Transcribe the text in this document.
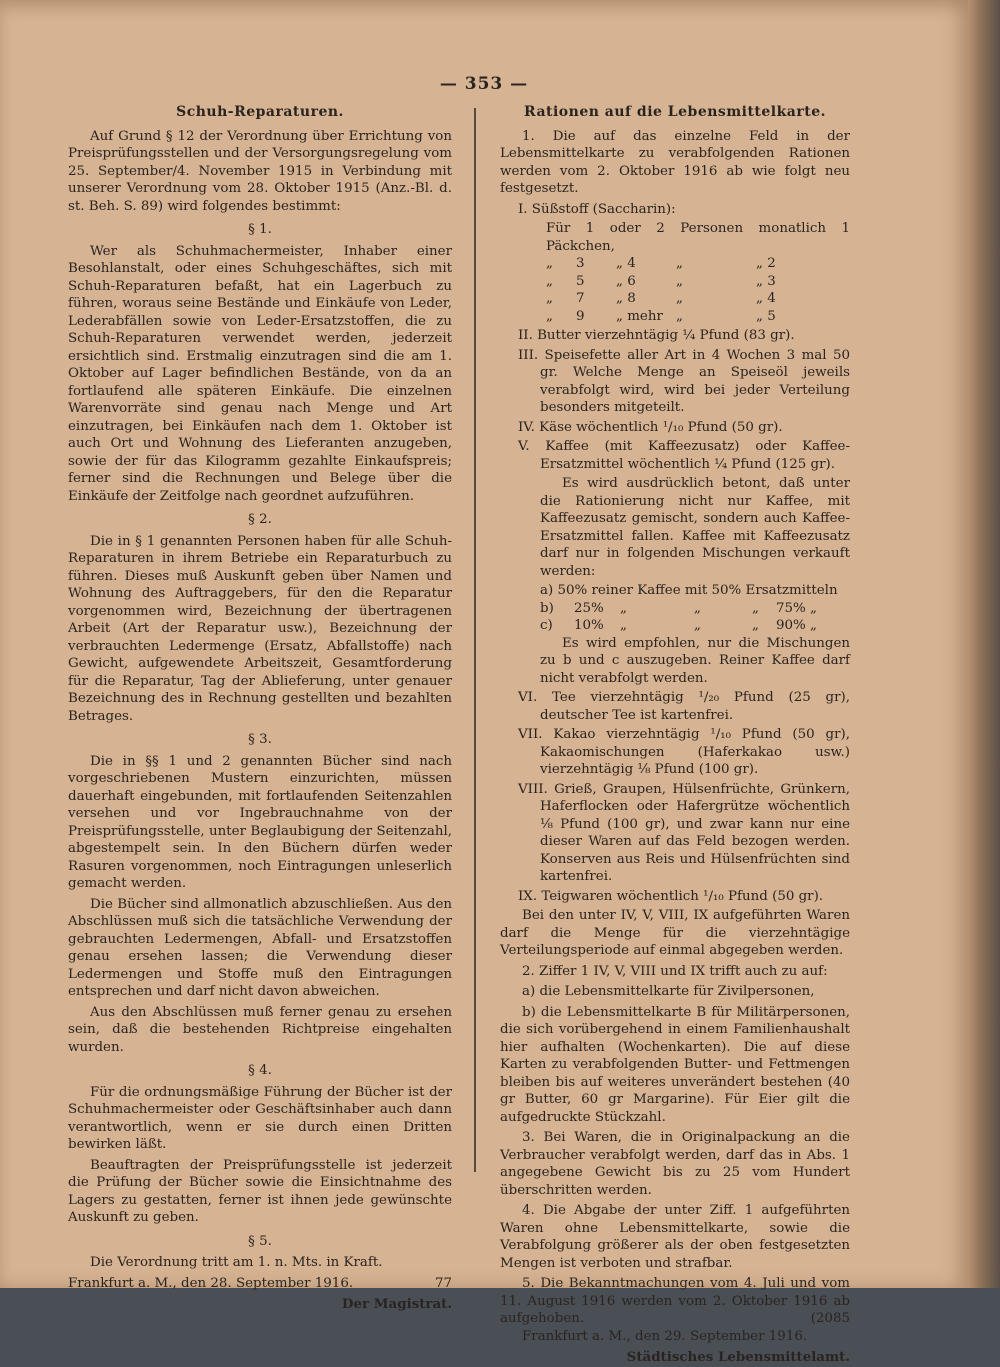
— 353 —
Schuh-Reparaturen.

Auf Grund § 12 der Verordnung über Errichtung von Preisprüfungsstellen und der Versorgungsregelung vom 25. September/4. November 1915 in Verbindung mit unserer Verordnung vom 28. Oktober 1915 (Anz.-Bl. d. st. Beh. S. 89) wird folgendes bestimmt:

§ 1.

Wer als Schuhmachermeister, Inhaber einer Besohlanstalt, oder eines Schuhgeschäftes, sich mit Schuh-Reparaturen befaßt, hat ein Lagerbuch zu führen, woraus seine Bestände und Einkäufe von Leder, Lederabfällen sowie von Leder-Ersatzstoffen, die zu Schuh-Reparaturen verwendet werden, jederzeit ersichtlich sind. Erstmalig einzutragen sind die am 1. Oktober auf Lager befindlichen Bestände, von da an fortlaufend alle späteren Einkäufe. Die einzelnen Warenvorräte sind genau nach Menge und Art einzutragen, bei Einkäufen nach dem 1. Oktober ist auch Ort und Wohnung des Lieferanten anzugeben, sowie der für das Kilogramm gezahlte Einkaufspreis; ferner sind die Rechnungen und Belege über die Einkäufe der Zeitfolge nach geordnet aufzuführen.

§ 2.

Die in § 1 genannten Personen haben für alle Schuh-Reparaturen in ihrem Betriebe ein Reparaturbuch zu führen. Dieses muß Auskunft geben über Namen und Wohnung des Auftraggebers, für den die Reparatur vorgenommen wird, Bezeichnung der übertragenen Arbeit (Art der Reparatur usw.), Bezeichnung der verbrauchten Ledermenge (Ersatz, Abfallstoffe) nach Gewicht, aufgewendete Arbeitszeit, Gesamtforderung für die Reparatur, Tag der Ablieferung, unter genauer Bezeichnung des in Rechnung gestellten und bezahlten Betrages.

§ 3.

Die in §§ 1 und 2 genannten Bücher sind nach vorgeschriebenen Mustern einzurichten, müssen dauerhaft eingebunden, mit fortlaufenden Seitenzahlen versehen und vor Ingebrauchnahme von der Preisprüfungsstelle, unter Beglaubigung der Seitenzahl, abgestempelt sein. In den Büchern dürfen weder Rasuren vorgenommen, noch Eintragungen unleserlich gemacht werden.

Die Bücher sind allmonatlich abzuschließen. Aus den Abschlüssen muß sich die tatsächliche Verwendung der gebrauchten Ledermengen, Abfall- und Ersatzstoffen genau ersehen lassen; die Verwendung dieser Ledermengen und Stoffe muß den Eintragungen entsprechen und darf nicht davon abweichen.

Aus den Abschlüssen muß ferner genau zu ersehen sein, daß die bestehenden Richtpreise eingehalten wurden.

§ 4.

Für die ordnungsmäßige Führung der Bücher ist der Schuhmachermeister oder Geschäftsinhaber auch dann verantwortlich, wenn er sie durch einen Dritten bewirken läßt.

Beauftragten der Preisprüfungsstelle ist jederzeit die Prüfung der Bücher sowie die Einsichtnahme des Lagers zu gestatten, ferner ist ihnen jede gewünschte Auskunft zu geben.

§ 5.

Die Verordnung tritt am 1. n. Mts. in Kraft.

Frankfurt a. M., den 28. September 1916.	77
Der Magistrat.
Rationen auf die Lebensmittelkarte.

1. Die auf das einzelne Feld in der Lebensmittelkarte zu verabfolgenden Rationen werden vom 2. Oktober 1916 ab wie folgt neu festgesetzt.

I. Süßstoff (Saccharin):
Für 1 oder 2 Personen monatlich 1 Päckchen,
„	3	„ 4	„	„ 2
„	5	„ 6	„	„ 3
„	7	„ 8	„	„ 4
„	9	„ mehr „	„ 5
II. Butter vierzehntägig ¼ Pfund (83 gr).
III. Speisefette aller Art in 4 Wochen 3 mal 50 gr. Welche Menge an Speiseöl jeweils verabfolgt wird, wird bei jeder Verteilung besonders mitgeteilt.
IV. Käse wöchentlich ¹/₁₀ Pfund (50 gr).
V. Kaffee (mit Kaffeezusatz) oder Kaffee-Ersatzmittel wöchentlich ¼ Pfund (125 gr).
Es wird ausdrücklich betont, daß unter die Rationierung nicht nur Kaffee, mit Kaffeezusatz gemischt, sondern auch Kaffee-Ersatzmittel fallen. Kaffee mit Kaffeezusatz darf nur in folgenden Mischungen verkauft werden:
a) 50% reiner Kaffee mit 50% Ersatzmitteln
b)	25%	„	„	„	75% „
c)	10%	„	„	„	90% „
Es wird empfohlen, nur die Mischungen zu b und c auszugeben. Reiner Kaffee darf nicht verabfolgt werden.
VI. Tee vierzehntägig ¹/₂₀ Pfund (25 gr), deutscher Tee ist kartenfrei.
VII. Kakao vierzehntägig ¹/₁₀ Pfund (50 gr), Kakaomischungen (Haferkakao usw.) vierzehntägig ⅛ Pfund (100 gr).
VIII. Grieß, Graupen, Hülsenfrüchte, Grünkern, Haferflocken oder Hafergrütze wöchentlich ⅛ Pfund (100 gr), und zwar kann nur eine dieser Waren auf das Feld bezogen werden. Konserven aus Reis und Hülsenfrüchten sind kartenfrei.
IX. Teigwaren wöchentlich ¹/₁₀ Pfund (50 gr).

Bei den unter IV, V, VIII, IX aufgeführten Waren darf die Menge für die vierzehntägige Verteilungsperiode auf einmal abgegeben werden.

2. Ziffer 1 IV, V, VIII und IX trifft auch zu auf:

a) die Lebensmittelkarte für Zivilpersonen,

b) die Lebensmittelkarte B für Militärpersonen, die sich vorübergehend in einem Familienhaushalt hier aufhalten (Wochenkarten). Die auf diese Karten zu verabfolgenden Butter- und Fettmengen bleiben bis auf weiteres unverändert bestehen (40 gr Butter, 60 gr Margarine). Für Eier gilt die aufgedruckte Stückzahl.

3. Bei Waren, die in Originalpackung an die Verbraucher verabfolgt werden, darf das in Abs. 1 angegebene Gewicht bis zu 25 vom Hundert überschritten werden.

4. Die Abgabe der unter Ziff. 1 aufgeführten Waren ohne Lebensmittelkarte, sowie die Verabfolgung größerer als der oben festgesetzten Mengen ist verboten und strafbar.

5. Die Bekanntmachungen vom 4. Juli und vom 11. August 1916 werden vom 2. Oktober 1916 ab aufgehoben.	(2085

Frankfurt a. M., den 29. September 1916.

Städtisches Lebensmittelamt.
